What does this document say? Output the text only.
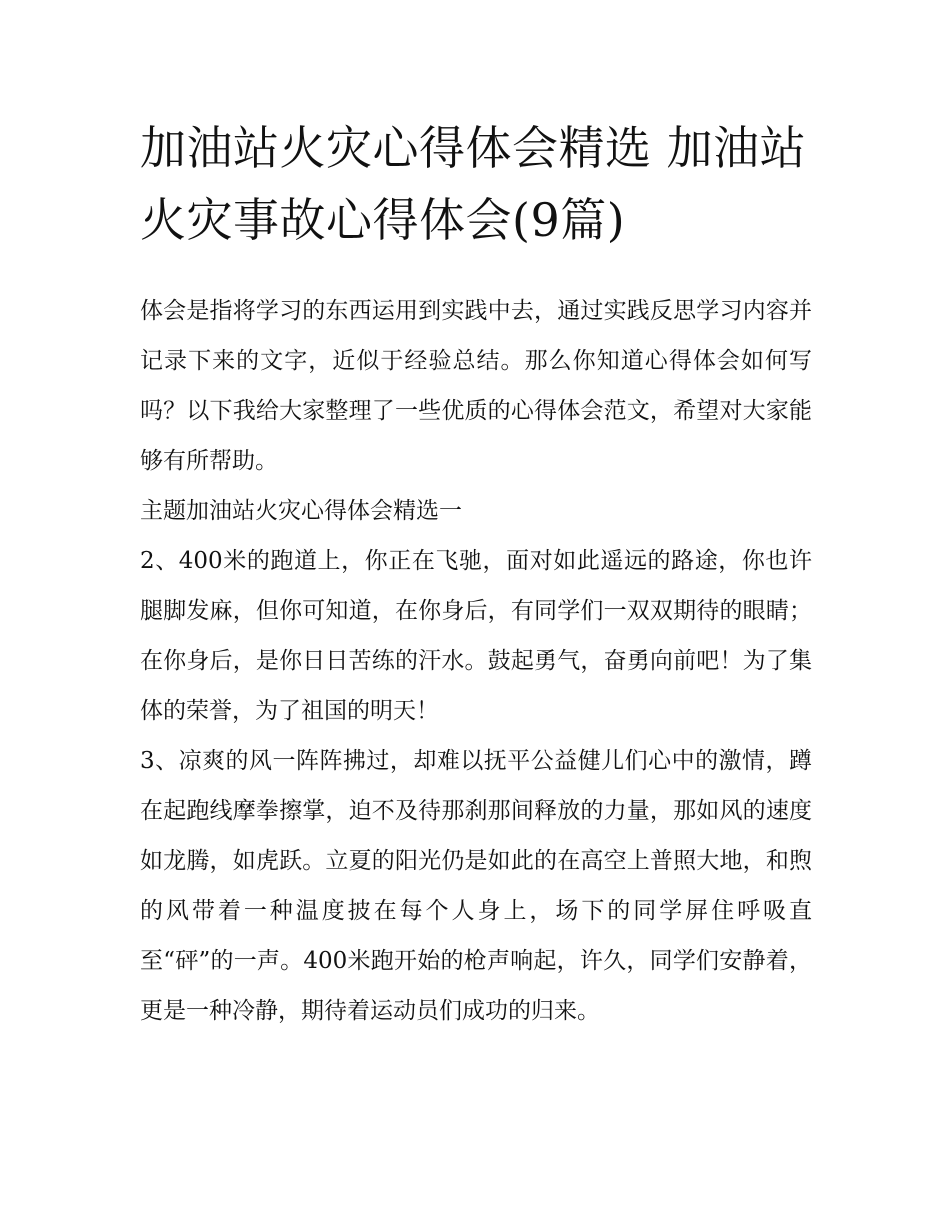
加油站火灾心得体会精选 加油站火灾事故心得体会(9篇)

体会是指将学习的东西运用到实践中去，通过实践反思学习内容并记录下来的文字，近似于经验总结。那么你知道心得体会如何写吗？以下我给大家整理了一些优质的心得体会范文，希望对大家能够有所帮助。

主题加油站火灾心得体会精选一

2、400米的跑道上，你正在飞驰，面对如此遥远的路途，你也许腿脚发麻，但你可知道，在你身后，有同学们一双双期待的眼睛；在你身后，是你日日苦练的汗水。鼓起勇气，奋勇向前吧！为了集体的荣誉，为了祖国的明天！

3、凉爽的风一阵阵拂过，却难以抚平公益健儿们心中的激情，蹲在起跑线摩拳擦掌，迫不及待那刹那间释放的力量，那如风的速度如龙腾，如虎跃。立夏的阳光仍是如此的在高空上普照大地，和煦的风带着一种温度披在每个人身上，场下的同学屏住呼吸直至“砰”的一声。400米跑开始的枪声响起，许久，同学们安静着，更是一种冷静，期待着运动员们成功的归来。
